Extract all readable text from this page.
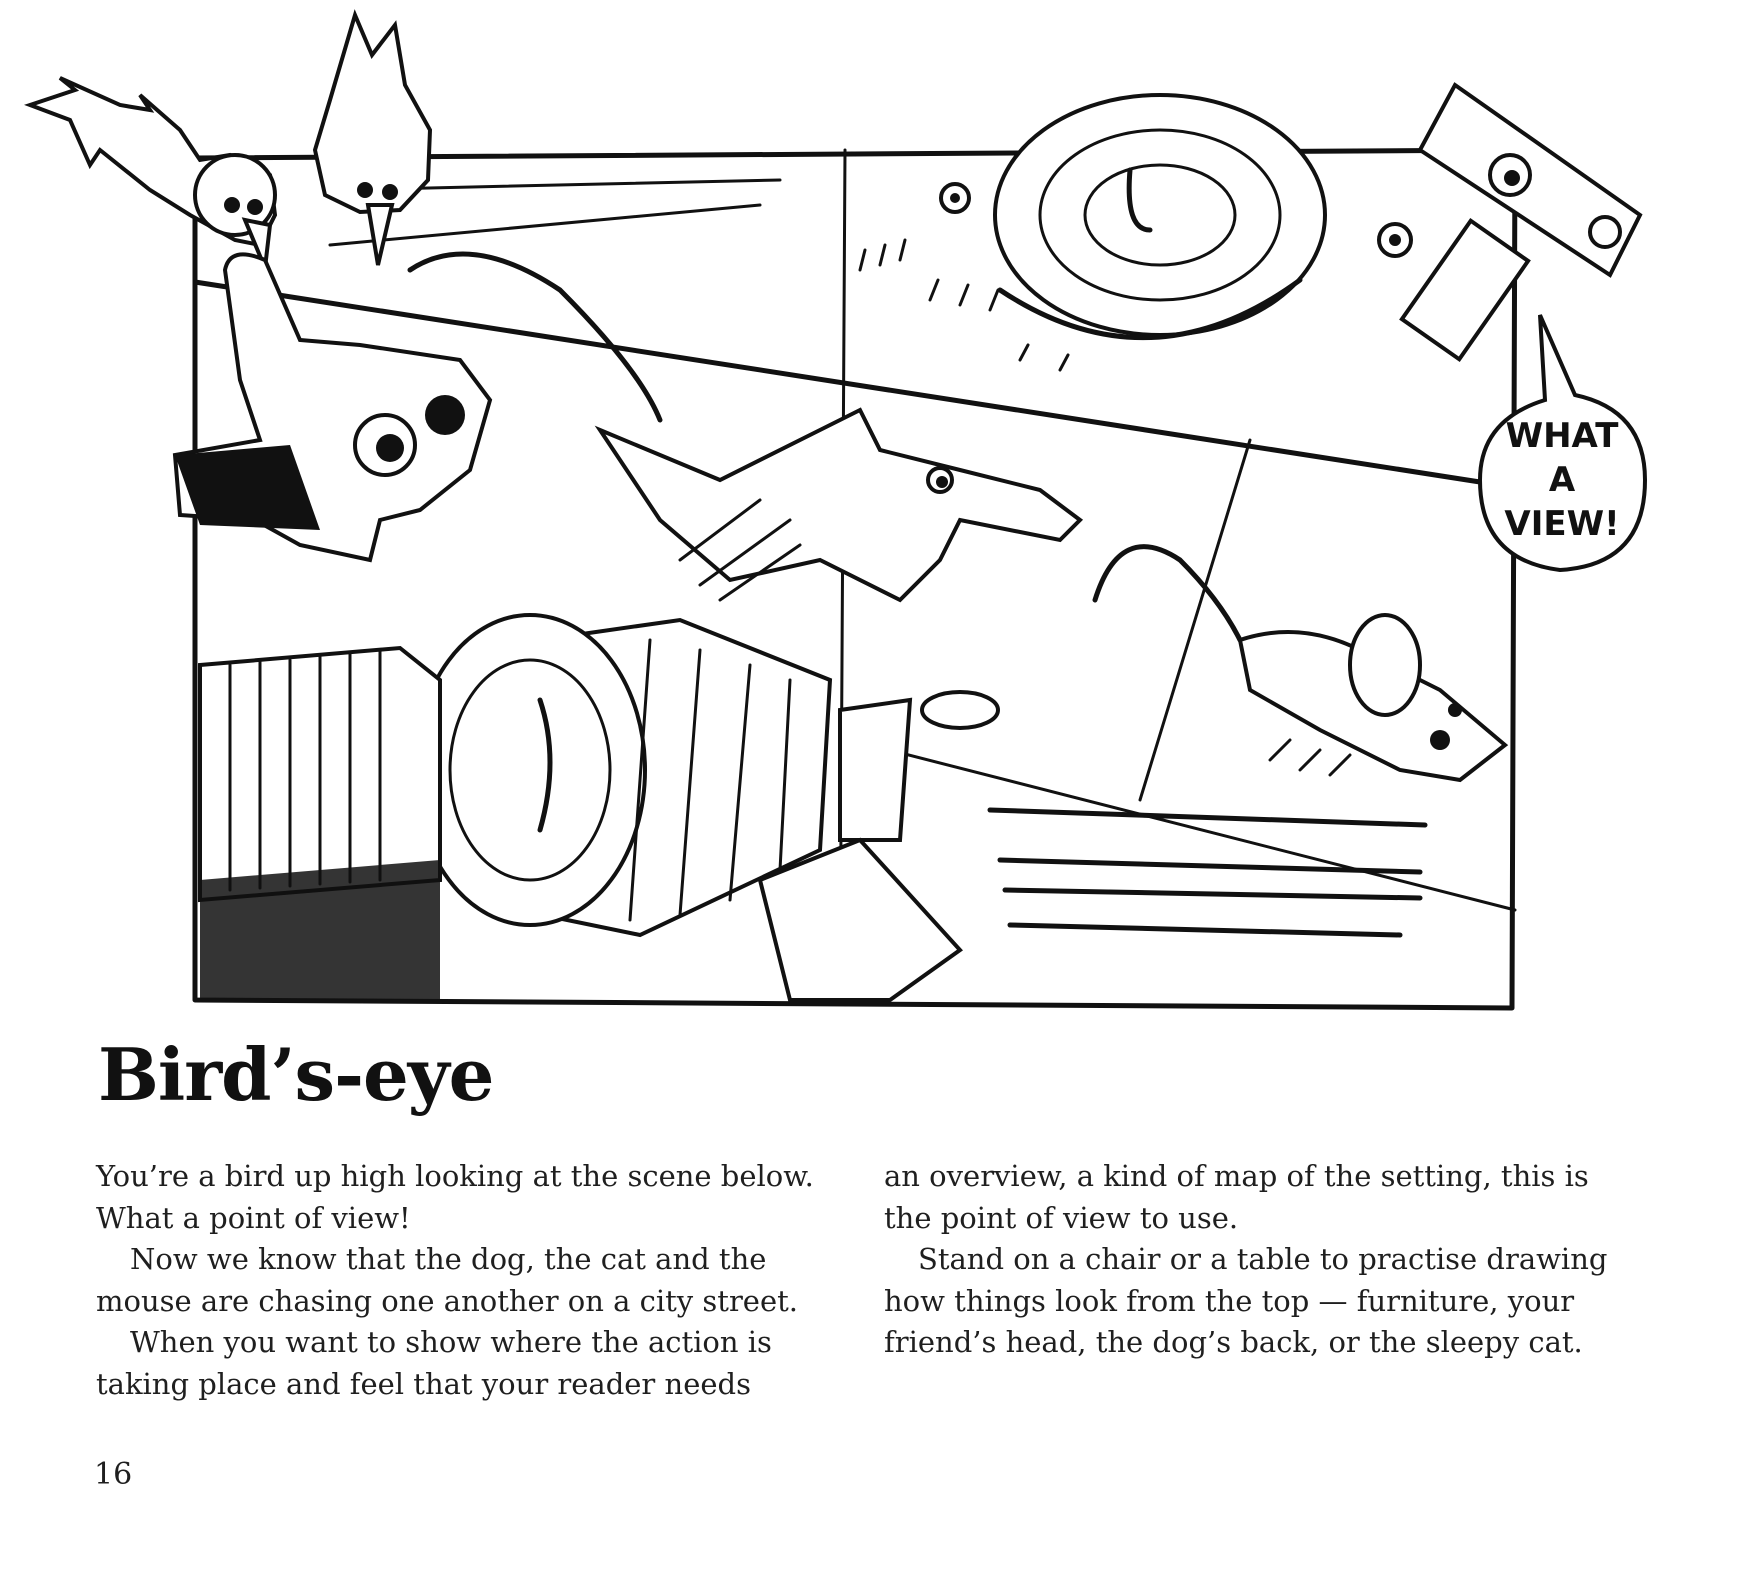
WHAT
A
VIEW!
Bird’s-eye

You’re a bird up high looking at the scene below. What a point of view!

Now we know that the dog, the cat and the mouse are chasing one another on a city street.

When you want to show where the action is taking place and feel that your reader needs

an overview, a kind of map of the setting, this is the point of view to use.

Stand on a chair or a table to practise drawing how things look from the top — furniture, your friend’s head, the dog’s back, or the sleepy cat.

16
